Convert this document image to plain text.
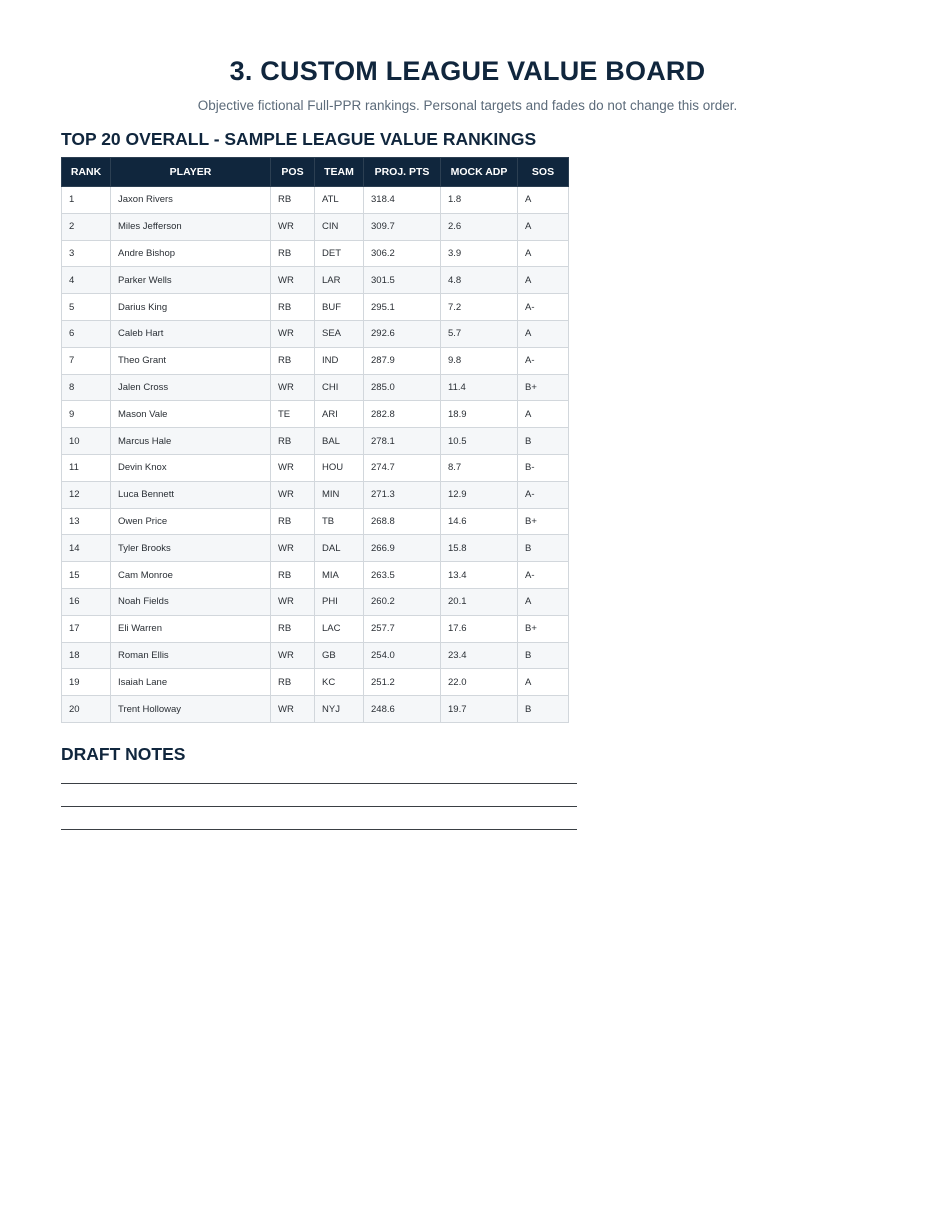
3. CUSTOM LEAGUE VALUE BOARD

Objective fictional Full-PPR rankings. Personal targets and fades do not change this order.

TOP 20 OVERALL - SAMPLE LEAGUE VALUE RANKINGS
RANK	PLAYER	POS	TEAM	PROJ. PTS	MOCK ADP	SOS
1	Jaxon Rivers	RB	ATL	318.4	1.8	A
2	Miles Jefferson	WR	CIN	309.7	2.6	A
3	Andre Bishop	RB	DET	306.2	3.9	A
4	Parker Wells	WR	LAR	301.5	4.8	A
5	Darius King	RB	BUF	295.1	7.2	A-
6	Caleb Hart	WR	SEA	292.6	5.7	A
7	Theo Grant	RB	IND	287.9	9.8	A-
8	Jalen Cross	WR	CHI	285.0	11.4	B+
9	Mason Vale	TE	ARI	282.8	18.9	A
10	Marcus Hale	RB	BAL	278.1	10.5	B
11	Devin Knox	WR	HOU	274.7	8.7	B-
12	Luca Bennett	WR	MIN	271.3	12.9	A-
13	Owen Price	RB	TB	268.8	14.6	B+
14	Tyler Brooks	WR	DAL	266.9	15.8	B
15	Cam Monroe	RB	MIA	263.5	13.4	A-
16	Noah Fields	WR	PHI	260.2	20.1	A
17	Eli Warren	RB	LAC	257.7	17.6	B+
18	Roman Ellis	WR	GB	254.0	23.4	B
19	Isaiah Lane	RB	KC	251.2	22.0	A
20	Trent Holloway	WR	NYJ	248.6	19.7	B
DRAFT NOTES
